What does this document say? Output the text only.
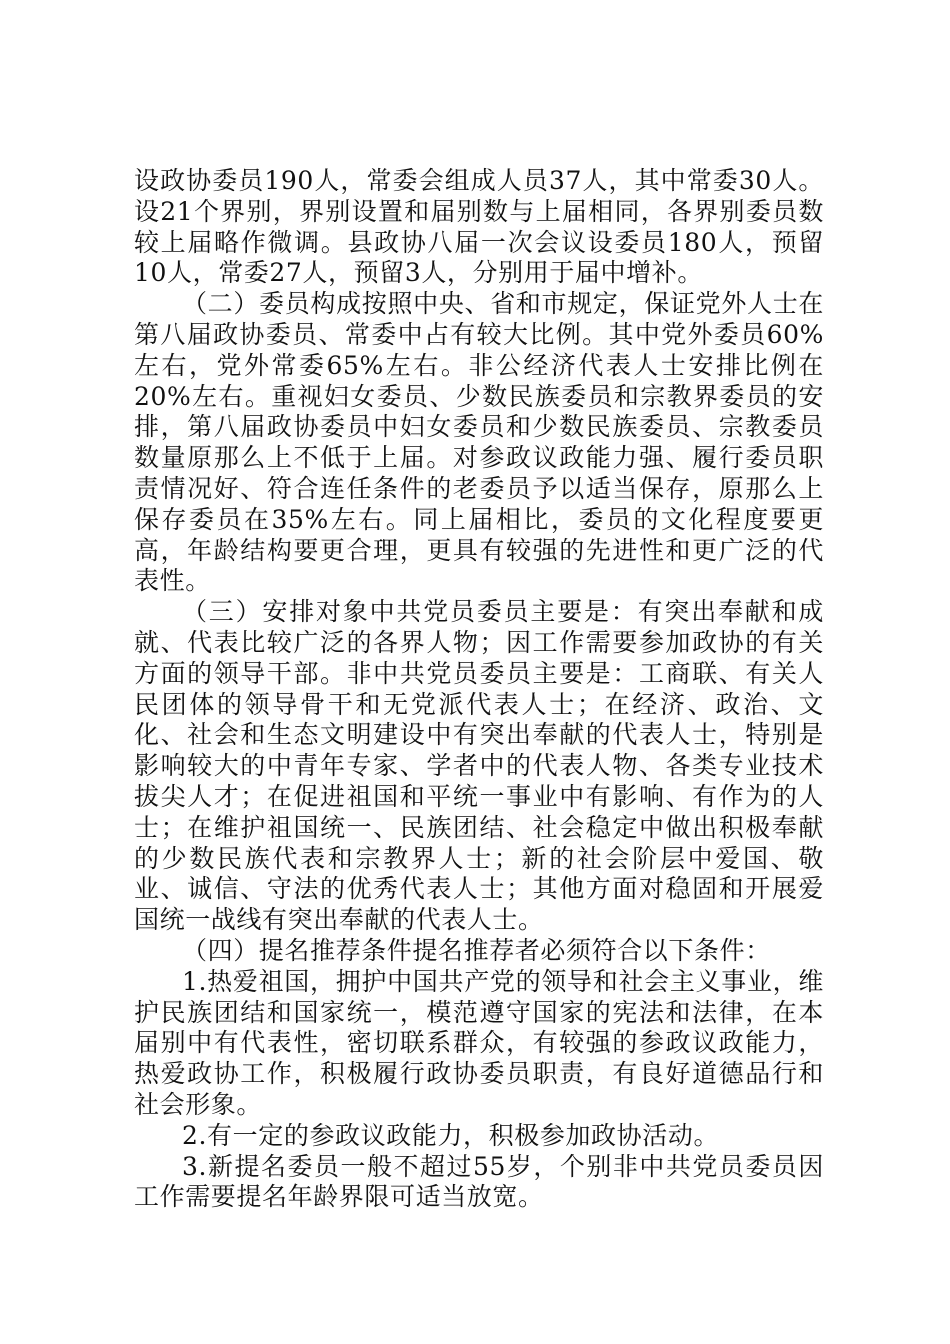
设政协委员190人，常委会组成人员37人，其中常委30人。设21个界别，界别设置和届别数与上届相同，各界别委员数较上届略作微调。县政协八届一次会议设委员180人，预留10人，常委27人，预留3人，分别用于届中增补。

（二）委员构成按照中央、省和市规定，保证党外人士在第八届政协委员、常委中占有较大比例。其中党外委员60%左右，党外常委65%左右。非公经济代表人士安排比例在20%左右。重视妇女委员、少数民族委员和宗教界委员的安排，第八届政协委员中妇女委员和少数民族委员、宗教委员数量原那么上不低于上届。对参政议政能力强、履行委员职责情况好、符合连任条件的老委员予以适当保存，原那么上保存委员在35%左右。同上届相比，委员的文化程度要更高，年龄结构要更合理，更具有较强的先进性和更广泛的代表性。

（三）安排对象中共党员委员主要是：有突出奉献和成就、代表比较广泛的各界人物；因工作需要参加政协的有关方面的领导干部。非中共党员委员主要是：工商联、有关人民团体的领导骨干和无党派代表人士；在经济、政治、文化、社会和生态文明建设中有突出奉献的代表人士，特别是影响较大的中青年专家、学者中的代表人物、各类专业技术拔尖人才；在促进祖国和平统一事业中有影响、有作为的人士；在维护祖国统一、民族团结、社会稳定中做出积极奉献的少数民族代表和宗教界人士；新的社会阶层中爱国、敬业、诚信、守法的优秀代表人士；其他方面对稳固和开展爱国统一战线有突出奉献的代表人士。

（四）提名推荐条件提名推荐者必须符合以下条件：

1.热爱祖国，拥护中国共产党的领导和社会主义事业，维护民族团结和国家统一，模范遵守国家的宪法和法律，在本届别中有代表性，密切联系群众，有较强的参政议政能力，热爱政协工作，积极履行政协委员职责，有良好道德品行和社会形象。

2.有一定的参政议政能力，积极参加政协活动。

3.新提名委员一般不超过55岁，个别非中共党员委员因工作需要提名年龄界限可适当放宽。
